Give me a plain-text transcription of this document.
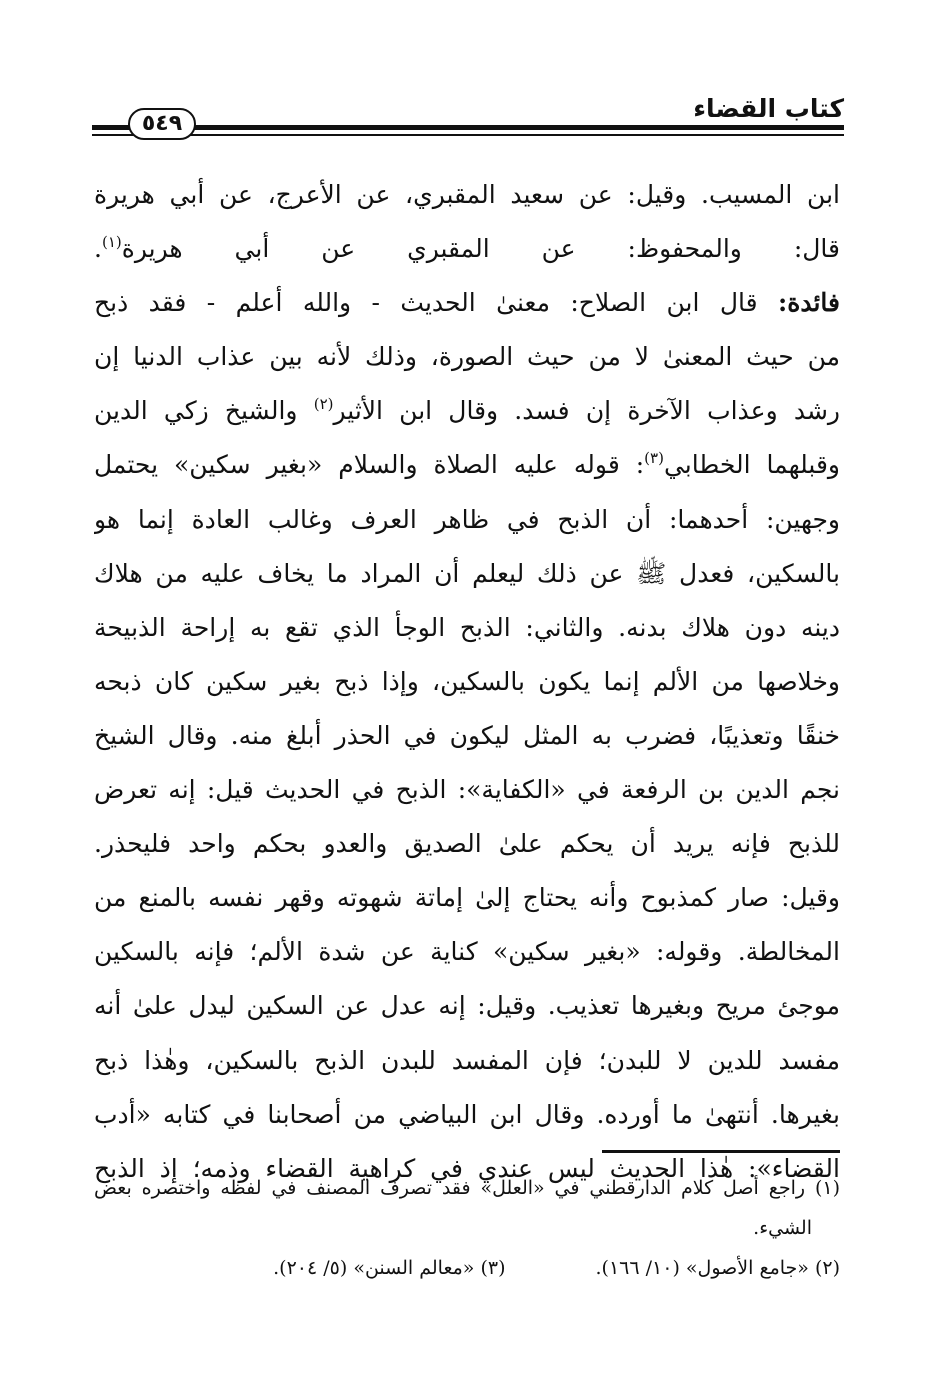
كتاب القضاء
٥٤٩
ابن المسيب. وقيل: عن سعيد المقبري، عن الأعرج، عن أبي هريرة
قال: والمحفوظ: عن المقبري عن أبي هريرة$^{(١)}$.
فائدة: قال ابن الصلاح: معنىٰ الحديث - والله أعلم - فقد ذبح
من حيث المعنىٰ لا من حيث الصورة، وذلك لأنه بين عذاب الدنيا إن
رشد وعذاب الآخرة إن فسد. وقال ابن الأثير$^{(٢)}$ والشيخ زكي الدين
وقبلهما الخطابي$^{(٣)}$: قوله عليه الصلاة والسلام «بغير سكين» يحتمل
وجهين: أحدهما: أن الذبح في ظاهر العرف وغالب العادة إنما هو
بالسكين، فعدل ﷺ عن ذلك ليعلم أن المراد ما يخاف عليه من هلاك
دينه دون هلاك بدنه. والثاني: الذبح الوجأ الذي تقع به إراحة الذبيحة
وخلاصها من الألم إنما يكون بالسكين، وإذا ذبح بغير سكين كان ذبحه
خنقًا وتعذيبًا، فضرب به المثل ليكون في الحذر أبلغ منه. وقال الشيخ
نجم الدين بن الرفعة في «الكفاية»: الذبح في الحديث قيل: إنه تعرض
للذبح فإنه يريد أن يحكم علىٰ الصديق والعدو بحكم واحد فليحذر.
وقيل: صار كمذبوح وأنه يحتاج إلىٰ إماتة شهوته وقهر نفسه بالمنع من
المخالطة. وقوله: «بغير سكين» كناية عن شدة الألم؛ فإنه بالسكين
موجئ مريح وبغيرها تعذيب. وقيل: إنه عدل عن السكين ليدل علىٰ أنه
مفسد للدين لا للبدن؛ فإن المفسد للبدن الذبح بالسكين، وهٰذا ذبح
بغيرها. أنتهىٰ ما أورده. وقال ابن البياضي من أصحابنا في كتابه «أدب
القضاء»: هٰذا الحديث ليس عندي في كراهية القضاء وذمه؛ إذ الذبح
(١) راجع أصل كلام الدارقطني في «العلل» فقد تصرف المصنف في لفظه واختصره بعض
الشيء.
(٢) «جامع الأصول» (١٠/ ١٦٦).
(٣) «معالم السنن» (٥/ ٢٠٤).
